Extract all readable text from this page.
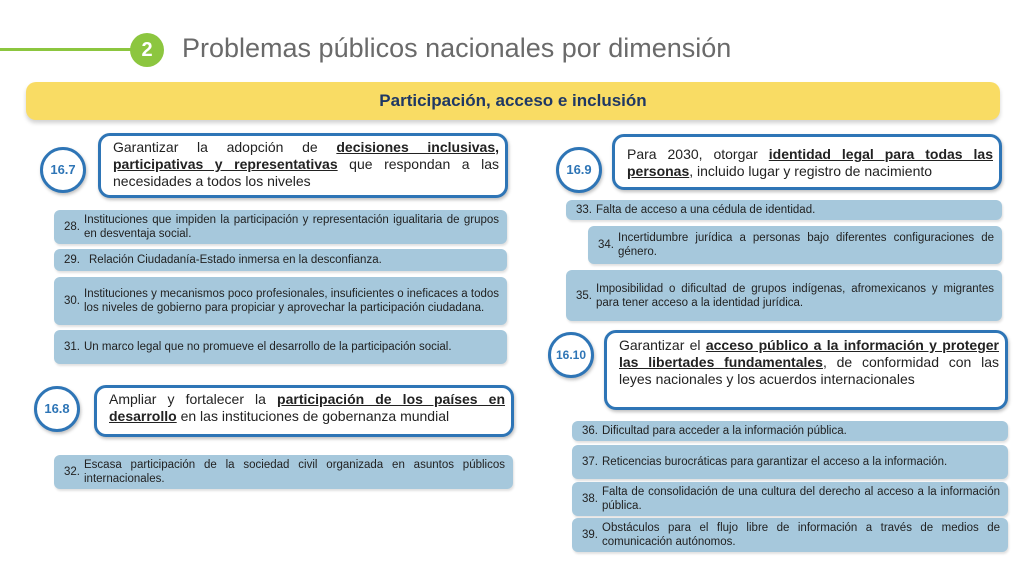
2	Problemas públicos nacionales por dimensión
Participación, acceso e inclusión
16.7
Garantizar la adopción de decisiones inclusivas, participativas y representativas que respondan a las necesidades a todos los niveles
28.
Instituciones que impiden la participación y representación igualitaria de grupos en desventaja social.
29. Relación Ciudadanía-Estado inmersa en la desconfianza.
30.
Instituciones y mecanismos poco profesionales, insuficientes o ineficaces a todos los niveles de gobierno para propiciar y aprovechar la participación ciudadana.
31. Un marco legal que no promueve el desarrollo de la participación social.
16.8
Ampliar y fortalecer la participación de los países en desarrollo en las instituciones de gobernanza mundial
32.
Escasa participación de la sociedad civil organizada en asuntos públicos internacionales.
16.9
Para 2030, otorgar identidad legal para todas las personas, incluido lugar y registro de nacimiento
33. Falta de acceso a una cédula de identidad.
34.
Incertidumbre jurídica a personas bajo diferentes configuraciones de género.
35.
Imposibilidad o dificultad de grupos indígenas, afromexicanos y migrantes para tener acceso a la identidad jurídica.
16.10
Garantizar el acceso público a la información y proteger las libertades fundamentales, de conformidad con las leyes nacionales y los acuerdos internacionales
36. Dificultad para acceder a la información pública.
37. Reticencias burocráticas para garantizar el acceso a la información.
38.
Falta de consolidación de una cultura del derecho al acceso a la información pública.
39.
Obstáculos para el flujo libre de información a través de medios de comunicación autónomos.
